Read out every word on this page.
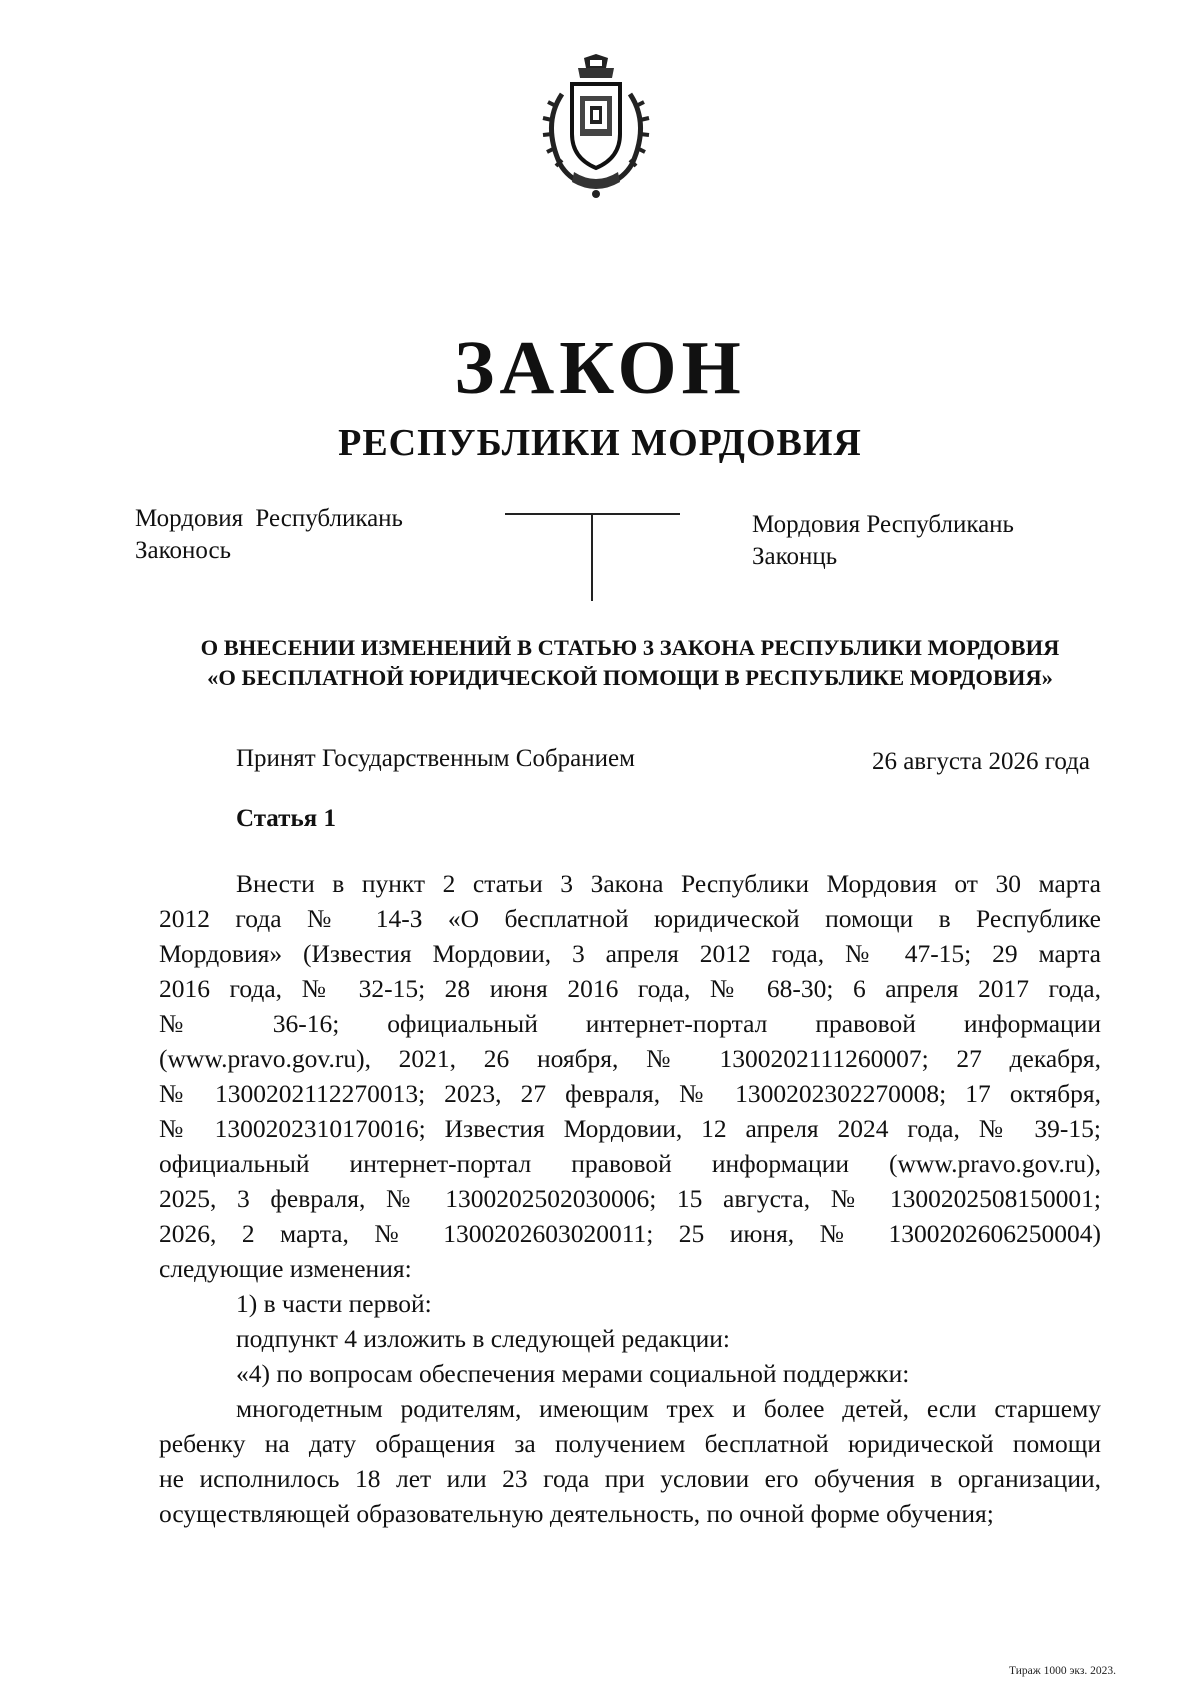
ЗАКОН
РЕСПУБЛИКИ МОРДОВИЯ
Мордовия Республикань
Законось
Мордовия Республикань
Законць
О ВНЕСЕНИИ ИЗМЕНЕНИЙ В СТАТЬЮ 3 ЗАКОНА РЕСПУБЛИКИ МОРДОВИЯ
«О БЕСПЛАТНОЙ ЮРИДИЧЕСКОЙ ПОМОЩИ В РЕСПУБЛИКЕ МОРДОВИЯ»
Принят Государственным Собранием	26 августа 2026 года
Статья 1

Внести в пункт 2 статьи 3 Закона Республики Мордовия от 30 марта

2012 года № 14-З «О бесплатной юридической помощи в Республике

Мордовия» (Известия Мордовии, 3 апреля 2012 года, № 47-15; 29 марта

2016 года, № 32-15; 28 июня 2016 года, № 68-30; 6 апреля 2017 года,

№ 36-16; официальный интернет-портал правовой информации

(www.pravo.gov.ru), 2021, 26 ноября, № 1300202111260007; 27 декабря,

№ 1300202112270013; 2023, 27 февраля, № 1300202302270008; 17 октября,

№ 1300202310170016; Известия Мордовии, 12 апреля 2024 года, № 39-15;

официальный интернет-портал правовой информации (www.pravo.gov.ru),

2025, 3 февраля, № 1300202502030006; 15 августа, № 1300202508150001;

2026, 2 марта, № 1300202603020011; 25 июня, № 1300202606250004)

следующие изменения:

1) в части первой:

подпункт 4 изложить в следующей редакции:

«4) по вопросам обеспечения мерами социальной поддержки:

многодетным родителям, имеющим трех и более детей, если старшему

ребенку на дату обращения за получением бесплатной юридической помощи

не исполнилось 18 лет или 23 года при условии его обучения в организации,

осуществляющей образовательную деятельность, по очной форме обучения;

Тираж 1000 экз. 2023.
